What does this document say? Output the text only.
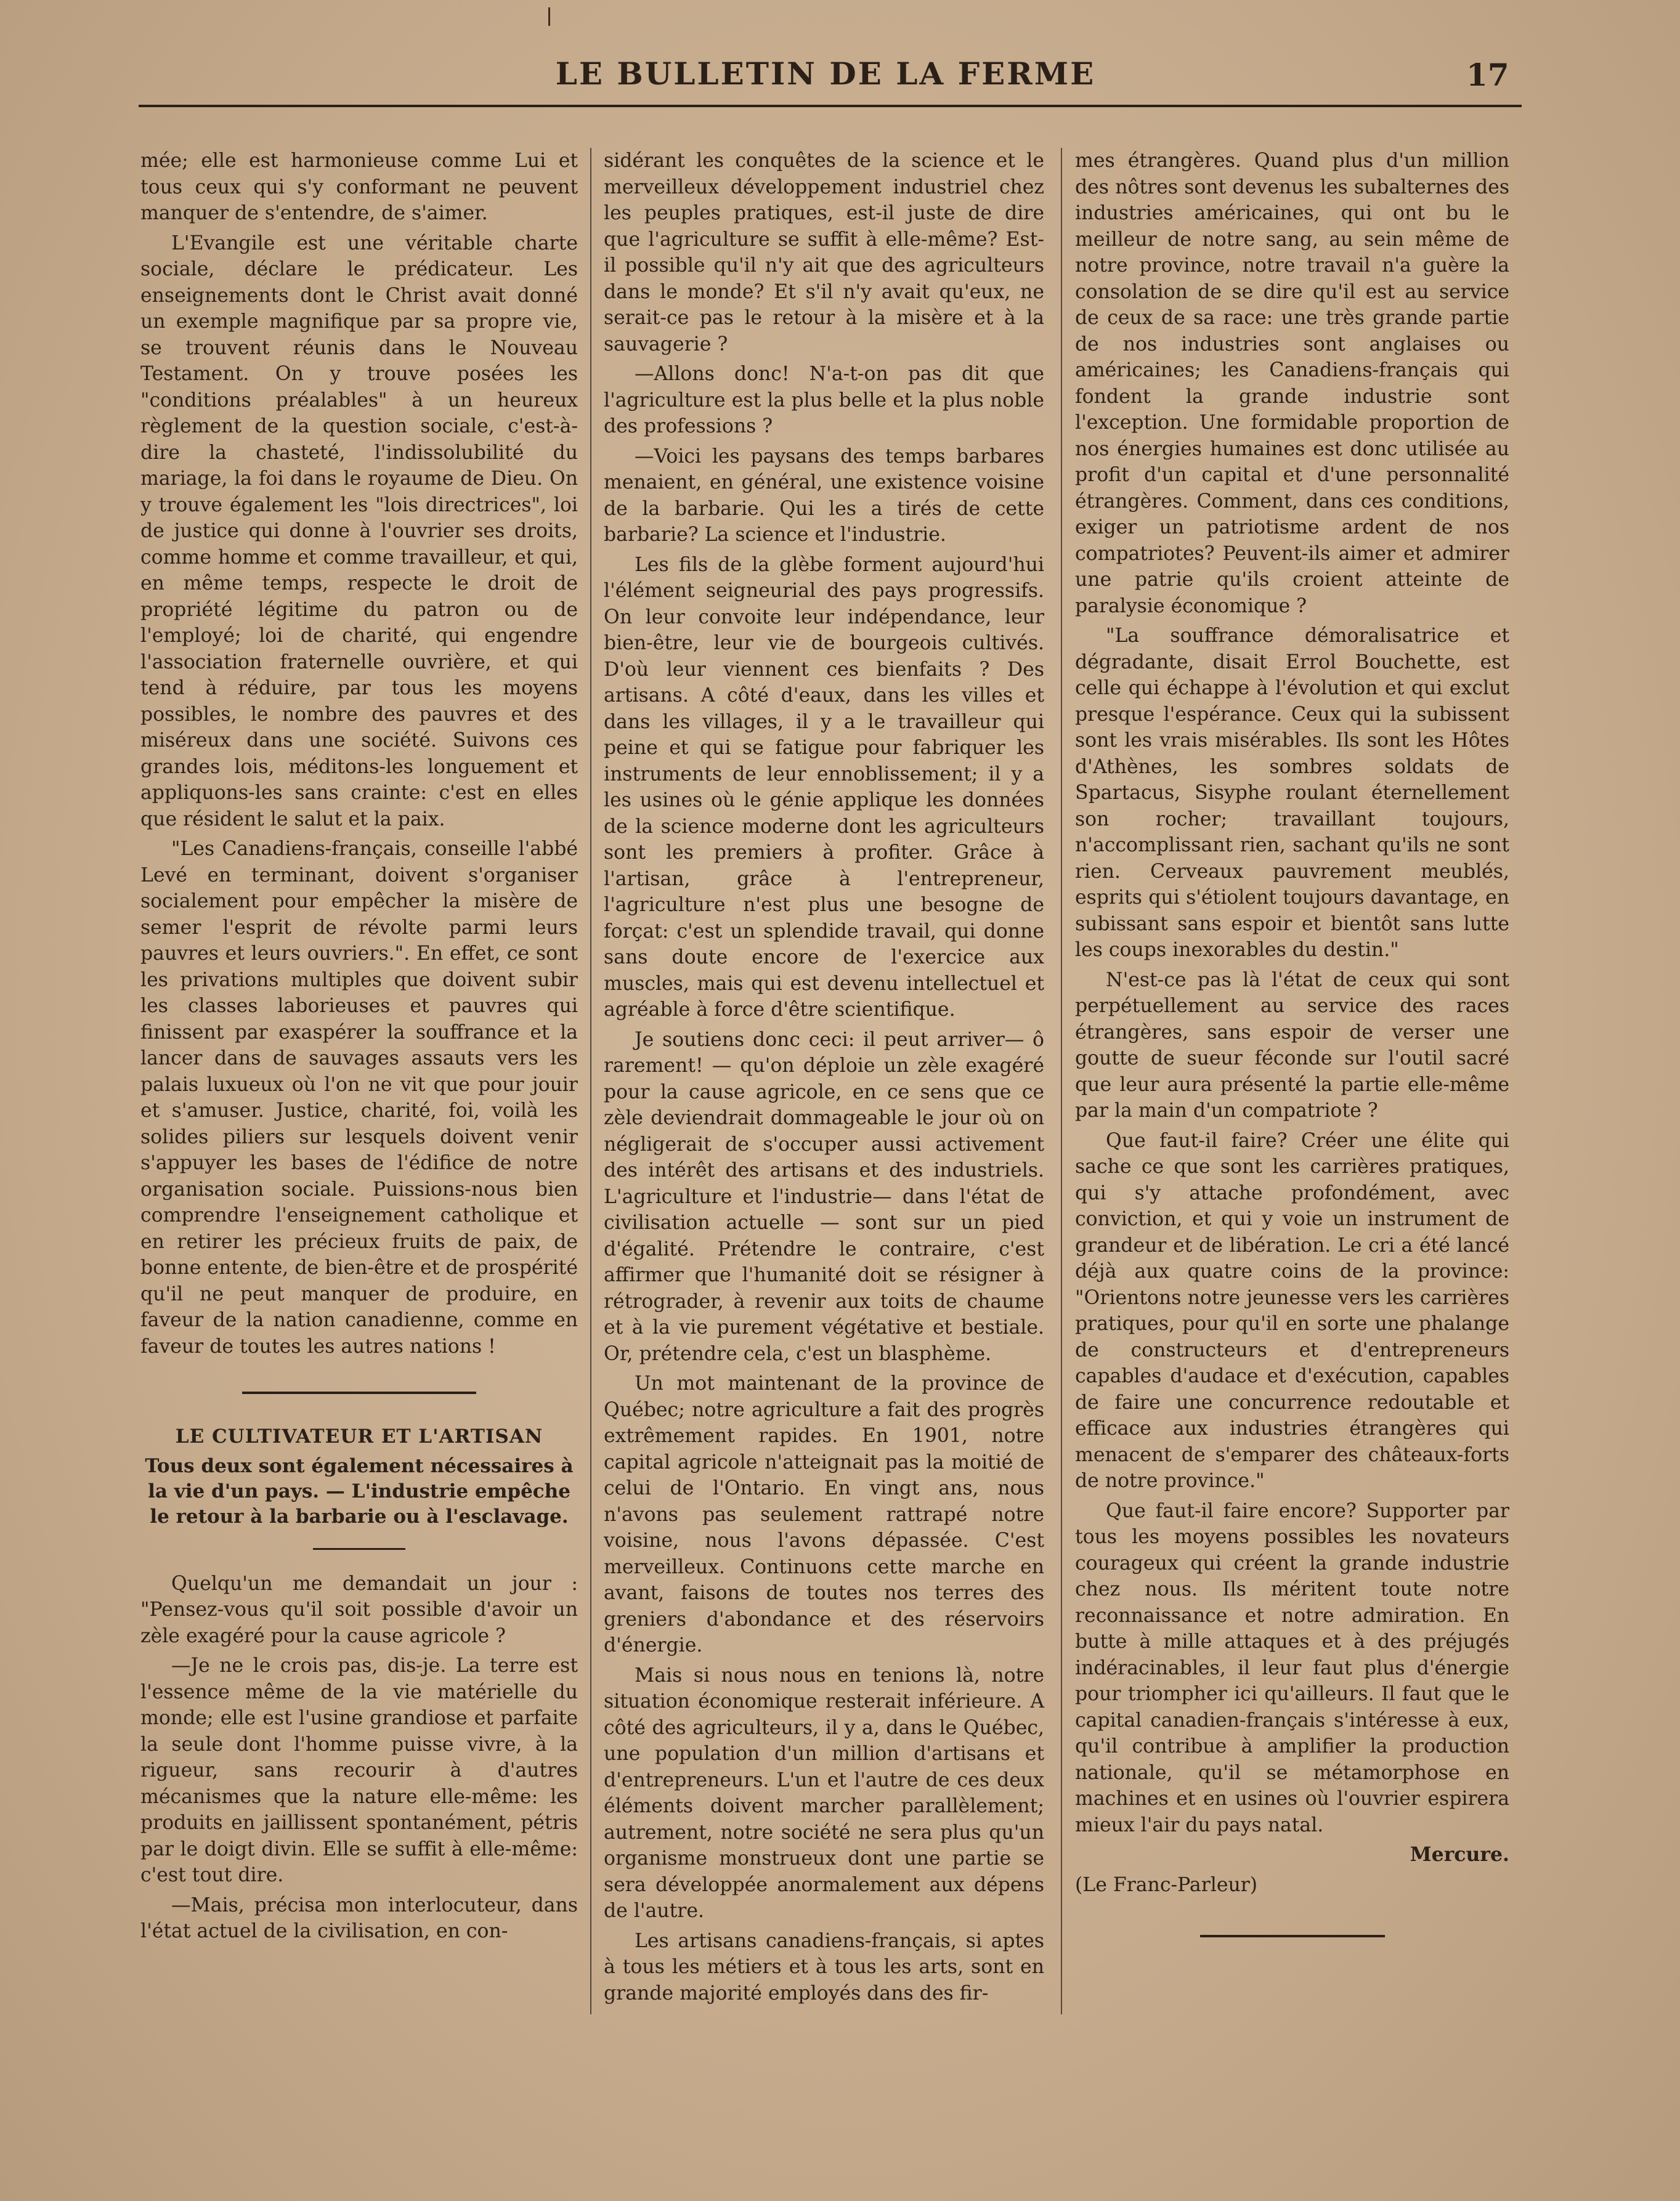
LE BULLETIN DE LA FERME	17

mée; elle est harmonieuse comme Lui et tous ceux qui s'y conformant ne peuvent manquer de s'entendre, de s'aimer.

L'Evangile est une véritable charte sociale, déclare le prédicateur. Les enseignements dont le Christ avait donné un exemple magnifique par sa propre vie, se trouvent réunis dans le Nouveau Testament. On y trouve posées les "conditions préalables" à un heureux règlement de la question sociale, c'est-à-dire la chasteté, l'indissolubilité du mariage, la foi dans le royaume de Dieu. On y trouve également les "lois directrices", loi de justice qui donne à l'ouvrier ses droits, comme homme et comme travailleur, et qui, en même temps, respecte le droit de propriété légitime du patron ou de l'employé; loi de charité, qui engendre l'association fraternelle ouvrière, et qui tend à réduire, par tous les moyens possibles, le nombre des pauvres et des miséreux dans une société. Suivons ces grandes lois, méditons-les longuement et appliquons-les sans crainte: c'est en elles que résident le salut et la paix.

"Les Canadiens-français, conseille l'abbé Levé en terminant, doivent s'organiser socialement pour empêcher la misère de semer l'esprit de révolte parmi leurs pauvres et leurs ouvriers.". En effet, ce sont les privations multiples que doivent subir les classes laborieuses et pauvres qui finissent par exaspérer la souffrance et la lancer dans de sauvages assauts vers les palais luxueux où l'on ne vit que pour jouir et s'amuser. Justice, charité, foi, voilà les solides piliers sur lesquels doivent venir s'appuyer les bases de l'édifice de notre organisation sociale. Puissions-nous bien comprendre l'enseignement catholique et en retirer les précieux fruits de paix, de bonne entente, de bien-être et de prospérité qu'il ne peut manquer de produire, en faveur de la nation canadienne, comme en faveur de toutes les autres nations !

LE CULTIVATEUR ET L'ARTISAN

Tous deux sont également nécessaires à la vie d'un pays. — L'industrie empêche le retour à la barbarie ou à l'esclavage.

Quelqu'un me demandait un jour : "Pensez-vous qu'il soit possible d'avoir un zèle exagéré pour la cause agricole ?

—Je ne le crois pas, dis-je. La terre est l'essence même de la vie matérielle du monde; elle est l'usine grandiose et parfaite la seule dont l'homme puisse vivre, à la rigueur, sans recourir à d'autres mécanismes que la nature elle-même: les produits en jaillissent spontanément, pétris par le doigt divin. Elle se suffit à elle-même: c'est tout dire.

—Mais, précisa mon interlocuteur, dans l'état actuel de la civilisation, en con-

sidérant les conquêtes de la science et le merveilleux développement industriel chez les peuples pratiques, est-il juste de dire que l'agriculture se suffit à elle-même? Est-il possible qu'il n'y ait que des agriculteurs dans le monde? Et s'il n'y avait qu'eux, ne serait-ce pas le retour à la misère et à la sauvagerie ?

—Allons donc! N'a-t-on pas dit que l'agriculture est la plus belle et la plus noble des professions ?

—Voici les paysans des temps barbares menaient, en général, une existence voisine de la barbarie. Qui les a tirés de cette barbarie? La science et l'industrie.

Les fils de la glèbe forment aujourd'hui l'élément seigneurial des pays progressifs. On leur convoite leur indépendance, leur bien-être, leur vie de bourgeois cultivés. D'où leur viennent ces bienfaits ? Des artisans. A côté d'eaux, dans les villes et dans les villages, il y a le travailleur qui peine et qui se fatigue pour fabriquer les instruments de leur ennoblissement; il y a les usines où le génie applique les données de la science moderne dont les agriculteurs sont les premiers à profiter. Grâce à l'artisan, grâce à l'entrepreneur, l'agriculture n'est plus une besogne de forçat: c'est un splendide travail, qui donne sans doute encore de l'exercice aux muscles, mais qui est devenu intellectuel et agréable à force d'être scientifique.

Je soutiens donc ceci: il peut arriver— ô rarement! — qu'on déploie un zèle exagéré pour la cause agricole, en ce sens que ce zèle deviendrait dommageable le jour où on négligerait de s'occuper aussi activement des intérêt des artisans et des industriels. L'agriculture et l'industrie— dans l'état de civilisation actuelle — sont sur un pied d'égalité. Prétendre le contraire, c'est affirmer que l'humanité doit se résigner à rétrograder, à revenir aux toits de chaume et à la vie purement végétative et bestiale. Or, prétendre cela, c'est un blasphème.

Un mot maintenant de la province de Québec; notre agriculture a fait des progrès extrêmement rapides. En 1901, notre capital agricole n'atteignait pas la moitié de celui de l'Ontario. En vingt ans, nous n'avons pas seulement rattrapé notre voisine, nous l'avons dépassée. C'est merveilleux. Continuons cette marche en avant, faisons de toutes nos terres des greniers d'abondance et des réservoirs d'énergie.

Mais si nous nous en tenions là, notre situation économique resterait inférieure. A côté des agriculteurs, il y a, dans le Québec, une population d'un million d'artisans et d'entrepreneurs. L'un et l'autre de ces deux éléments doivent marcher parallèlement; autrement, notre société ne sera plus qu'un organisme monstrueux dont une partie se sera développée anormalement aux dépens de l'autre.

Les artisans canadiens-français, si aptes à tous les métiers et à tous les arts, sont en grande majorité employés dans des fir-

mes étrangères. Quand plus d'un million des nôtres sont devenus les subalternes des industries américaines, qui ont bu le meilleur de notre sang, au sein même de notre province, notre travail n'a guère la consolation de se dire qu'il est au service de ceux de sa race: une très grande partie de nos industries sont anglaises ou américaines; les Canadiens-français qui fondent la grande industrie sont l'exception. Une formidable proportion de nos énergies humaines est donc utilisée au profit d'un capital et d'une personnalité étrangères. Comment, dans ces conditions, exiger un patriotisme ardent de nos compatriotes? Peuvent-ils aimer et admirer une patrie qu'ils croient atteinte de paralysie économique ?

"La souffrance démoralisatrice et dégradante, disait Errol Bouchette, est celle qui échappe à l'évolution et qui exclut presque l'espérance. Ceux qui la subissent sont les vrais misérables. Ils sont les Hôtes d'Athènes, les sombres soldats de Spartacus, Sisyphe roulant éternellement son rocher; travaillant toujours, n'accomplissant rien, sachant qu'ils ne sont rien. Cerveaux pauvrement meublés, esprits qui s'étiolent toujours davantage, en subissant sans espoir et bientôt sans lutte les coups inexorables du destin."

N'est-ce pas là l'état de ceux qui sont perpétuellement au service des races étrangères, sans espoir de verser une goutte de sueur féconde sur l'outil sacré que leur aura présenté la partie elle-même par la main d'un compatriote ?

Que faut-il faire? Créer une élite qui sache ce que sont les carrières pratiques, qui s'y attache profondément, avec conviction, et qui y voie un instrument de grandeur et de libération. Le cri a été lancé déjà aux quatre coins de la province: "Orientons notre jeunesse vers les carrières pratiques, pour qu'il en sorte une phalange de constructeurs et d'entrepreneurs capables d'audace et d'exécution, capables de faire une concurrence redoutable et efficace aux industries étrangères qui menacent de s'emparer des châteaux-forts de notre province."

Que faut-il faire encore? Supporter par tous les moyens possibles les novateurs courageux qui créent la grande industrie chez nous. Ils méritent toute notre reconnaissance et notre admiration. En butte à mille attaques et à des préjugés indéracinables, il leur faut plus d'énergie pour triompher ici qu'ailleurs. Il faut que le capital canadien-français s'intéresse à eux, qu'il contribue à amplifier la production nationale, qu'il se métamorphose en machines et en usines où l'ouvrier espirera mieux l'air du pays natal.

Mercure.

(Le Franc-Parleur)
